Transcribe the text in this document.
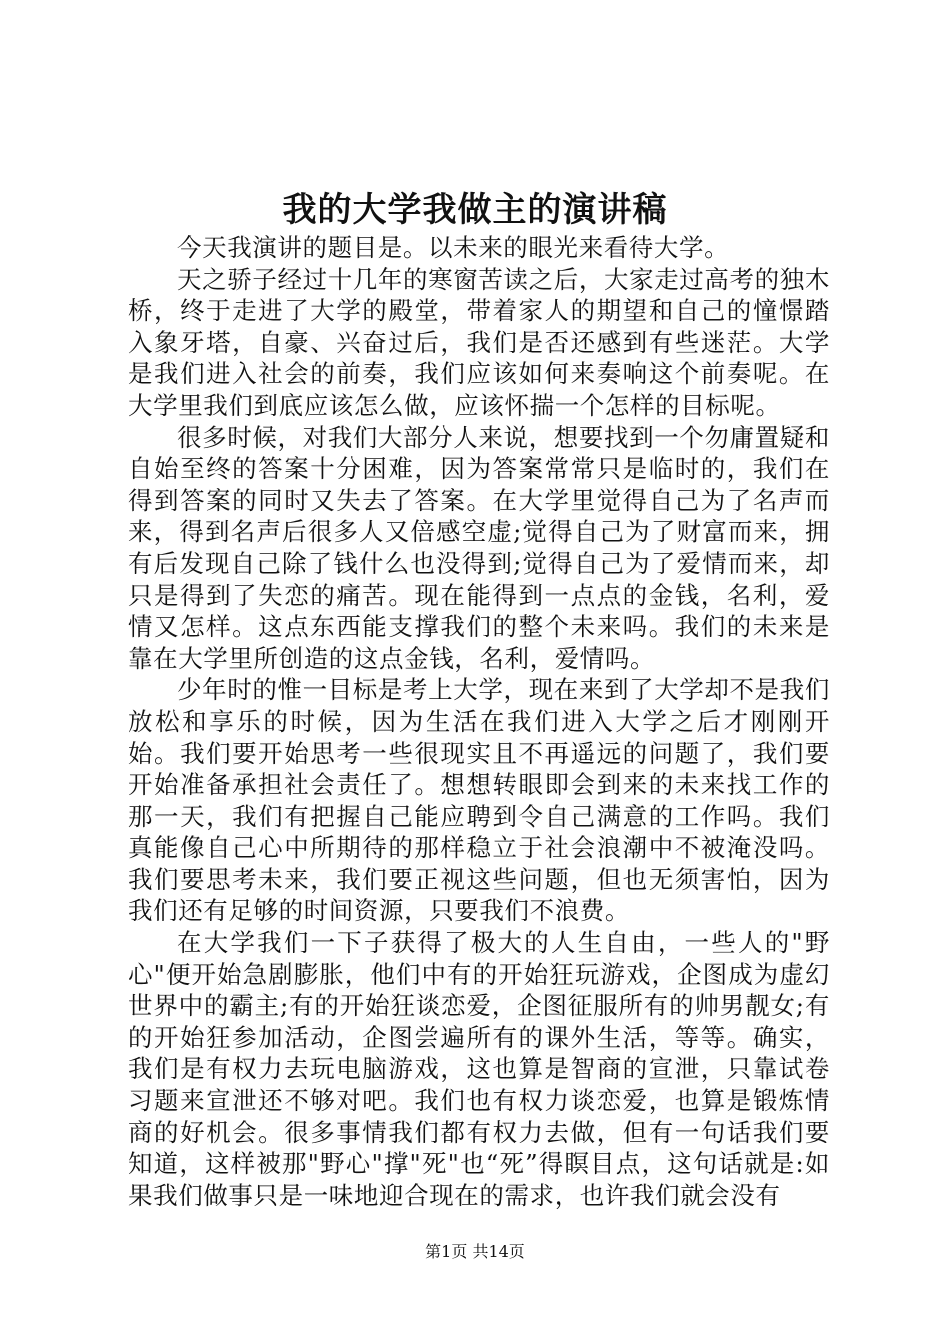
我的大学我做主的演讲稿

今天我演讲的题目是。以未来的眼光来看待大学。

天之骄子经过十几年的寒窗苦读之后，大家走过高考的独木桥，终于走进了大学的殿堂，带着家人的期望和自己的憧憬踏入象牙塔，自豪、兴奋过后，我们是否还感到有些迷茫。大学是我们进入社会的前奏，我们应该如何来奏响这个前奏呢。在大学里我们到底应该怎么做，应该怀揣一个怎样的目标呢。

很多时候，对我们大部分人来说，想要找到一个勿庸置疑和自始至终的答案十分困难，因为答案常常只是临时的，我们在得到答案的同时又失去了答案。在大学里觉得自己为了名声而来，得到名声后很多人又倍感空虚;觉得自己为了财富而来，拥有后发现自己除了钱什么也没得到;觉得自己为了爱情而来，却只是得到了失恋的痛苦。现在能得到一点点的金钱，名利，爱情又怎样。这点东西能支撑我们的整个未来吗。我们的未来是靠在大学里所创造的这点金钱，名利，爱情吗。

少年时的惟一目标是考上大学，现在来到了大学却不是我们放松和享乐的时候，因为生活在我们进入大学之后才刚刚开始。我们要开始思考一些很现实且不再遥远的问题了，我们要开始准备承担社会责任了。想想转眼即会到来的未来找工作的那一天，我们有把握自己能应聘到令自己满意的工作吗。我们真能像自己心中所期待的那样稳立于社会浪潮中不被淹没吗。我们要思考未来，我们要正视这些问题，但也无须害怕，因为我们还有足够的时间资源，只要我们不浪费。

在大学我们一下子获得了极大的人生自由，一些人的"野心"便开始急剧膨胀，他们中有的开始狂玩游戏，企图成为虚幻世界中的霸主;有的开始狂谈恋爱，企图征服所有的帅男靓女;有的开始狂参加活动，企图尝遍所有的课外生活，等等。确实，我们是有权力去玩电脑游戏，这也算是智商的宣泄，只靠试卷习题来宣泄还不够对吧。我们也有权力谈恋爱，也算是锻炼情商的好机会。很多事情我们都有权力去做，但有一句话我们要知道，这样被那"野心"撑"死"也“死”得瞑目点，这句话就是:如果我们做事只是一味地迎合现在的需求，也许我们就会没有

第1页 共14页
